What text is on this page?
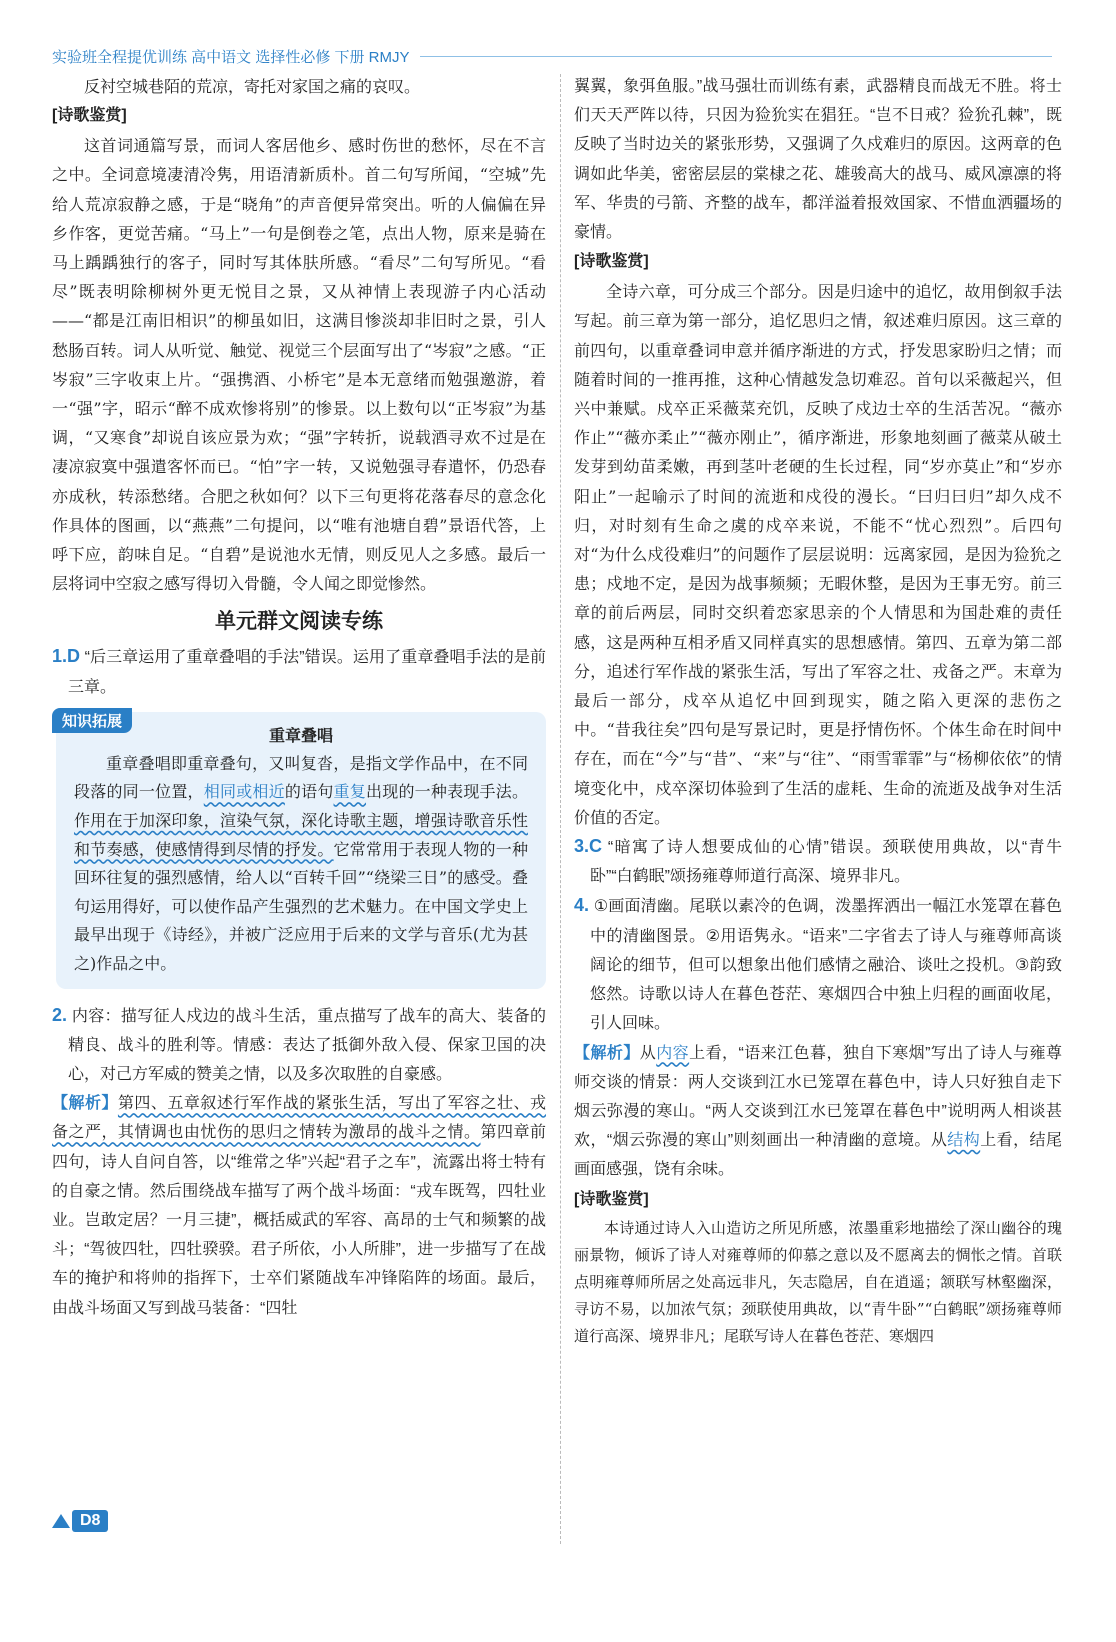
实验班全程提优训练 高中语文 选择性必修 下册 RMJY

反衬空城巷陌的荒凉，寄托对家国之痛的哀叹。

[诗歌鉴赏]

这首词通篇写景，而词人客居他乡、感时伤世的愁怀，尽在不言之中。全词意境凄清冷隽，用语清新质朴。首二句写所闻，“空城”先给人荒凉寂静之感，于是“晓角”的声音便异常突出。听的人偏偏在异乡作客，更觉苦痛。“马上”一句是倒卷之笔，点出人物，原来是骑在马上踽踽独行的客子，同时写其体肤所感。“看尽”二句写所见。“看尽”既表明除柳树外更无悦目之景，又从神情上表现游子内心活动——“都是江南旧相识”的柳虽如旧，这满目惨淡却非旧时之景，引人愁肠百转。词人从听觉、触觉、视觉三个层面写出了“岑寂”之感。“正岑寂”三字收束上片。“强携酒、小桥宅”是本无意绪而勉强邀游，着一“强”字，昭示“醉不成欢惨将别”的惨景。以上数句以“正岑寂”为基调，“又寒食”却说自该应景为欢；“强”字转折，说载酒寻欢不过是在凄凉寂寞中强遣客怀而已。“怕”字一转，又说勉强寻春遣怀，仍恐春亦成秋，转添愁绪。合肥之秋如何？以下三句更将花落春尽的意念化作具体的图画，以“燕燕”二句提问，以“唯有池塘自碧”景语代答，上呼下应，韵味自足。“自碧”是说池水无情，则反见人之多感。最后一层将词中空寂之感写得切入骨髓，令人闻之即觉惨然。

单元群文阅读专练

1.D “后三章运用了重章叠唱的手法”错误。运用了重章叠唱手法的是前三章。

知识拓展
重章叠唱

重章叠唱即重章叠句，又叫复沓，是指文学作品中，在不同段落的同一位置，相同或相近的语句重复出现的一种表现手法。作用在于加深印象，渲染气氛，深化诗歌主题，增强诗歌音乐性和节奏感，使感情得到尽情的抒发。它常常用于表现人物的一种回环往复的强烈感情，给人以“百转千回”“绕梁三日”的感受。叠句运用得好，可以使作品产生强烈的艺术魅力。在中国文学史上最早出现于《诗经》，并被广泛应用于后来的文学与音乐(尤为甚之)作品之中。

2. 内容：描写征人戍边的战斗生活，重点描写了战车的高大、装备的精良、战斗的胜利等。情感：表达了抵御外敌入侵、保家卫国的决心，对己方军威的赞美之情，以及多次取胜的自豪感。

【解析】第四、五章叙述行军作战的紧张生活，写出了军容之壮、戎备之严，其情调也由忧伤的思归之情转为激昂的战斗之情。第四章前四句，诗人自问自答，以“维常之华”兴起“君子之车”，流露出将士特有的自豪之情。然后围绕战车描写了两个战斗场面：“戎车既驾，四牡业业。岂敢定居？一月三捷”，概括威武的军容、高昂的士气和频繁的战斗；“驾彼四牡，四牡骙骙。君子所依，小人所腓”，进一步描写了在战车的掩护和将帅的指挥下，士卒们紧随战车冲锋陷阵的场面。最后，由战斗场面又写到战马装备：“四牡

翼翼，象弭鱼服。”战马强壮而训练有素，武器精良而战无不胜。将士们天天严阵以待，只因为猃狁实在猖狂。“岂不日戒？猃狁孔棘”，既反映了当时边关的紧张形势，又强调了久戍难归的原因。这两章的色调如此华美，密密层层的棠棣之花、雄骏高大的战马、威风凛凛的将军、华贵的弓箭、齐整的战车，都洋溢着报效国家、不惜血洒疆场的豪情。

[诗歌鉴赏]

全诗六章，可分成三个部分。因是归途中的追忆，故用倒叙手法写起。前三章为第一部分，追忆思归之情，叙述难归原因。这三章的前四句，以重章叠词申意并循序渐进的方式，抒发思家盼归之情；而随着时间的一推再推，这种心情越发急切难忍。首句以采薇起兴，但兴中兼赋。戍卒正采薇菜充饥，反映了戍边士卒的生活苦况。“薇亦作止”“薇亦柔止”“薇亦刚止”，循序渐进，形象地刻画了薇菜从破土发芽到幼苗柔嫩，再到茎叶老硬的生长过程，同“岁亦莫止”和“岁亦阳止”一起喻示了时间的流逝和戍役的漫长。“曰归曰归”却久戍不归，对时刻有生命之虞的戍卒来说，不能不“忧心烈烈”。后四句对“为什么戍役难归”的问题作了层层说明：远离家园，是因为猃狁之患；戍地不定，是因为战事频频；无暇休整，是因为王事无穷。前三章的前后两层，同时交织着恋家思亲的个人情思和为国赴难的责任感，这是两种互相矛盾又同样真实的思想感情。第四、五章为第二部分，追述行军作战的紧张生活，写出了军容之壮、戎备之严。末章为最后一部分，戍卒从追忆中回到现实，随之陷入更深的悲伤之中。“昔我往矣”四句是写景记时，更是抒情伤怀。个体生命在时间中存在，而在“今”与“昔”、“来”与“往”、“雨雪霏霏”与“杨柳依依”的情境变化中，戍卒深切体验到了生活的虚耗、生命的流逝及战争对生活价值的否定。

3.C “暗寓了诗人想要成仙的心情”错误。颈联使用典故，以“青牛卧”“白鹤眠”颂扬雍尊师道行高深、境界非凡。

4. ①画面清幽。尾联以素冷的色调，泼墨挥洒出一幅江水笼罩在暮色中的清幽图景。②用语隽永。“语来”二字省去了诗人与雍尊师高谈阔论的细节，但可以想象出他们感情之融洽、谈吐之投机。③韵致悠然。诗歌以诗人在暮色苍茫、寒烟四合中独上归程的画面收尾，引人回味。

【解析】从内容上看，“语来江色暮，独自下寒烟”写出了诗人与雍尊师交谈的情景：两人交谈到江水已笼罩在暮色中，诗人只好独自走下烟云弥漫的寒山。“两人交谈到江水已笼罩在暮色中”说明两人相谈甚欢，“烟云弥漫的寒山”则刻画出一种清幽的意境。从结构上看，结尾画面感强，饶有余味。

[诗歌鉴赏]

本诗通过诗人入山造访之所见所感，浓墨重彩地描绘了深山幽谷的瑰丽景物，倾诉了诗人对雍尊师的仰慕之意以及不愿离去的惆怅之情。首联点明雍尊师所居之处高远非凡，矢志隐居，自在逍遥；颔联写林壑幽深，寻访不易，以加浓气氛；颈联使用典故，以“青牛卧”“白鹤眠”颂扬雍尊师道行高深、境界非凡；尾联写诗人在暮色苍茫、寒烟四

D8
